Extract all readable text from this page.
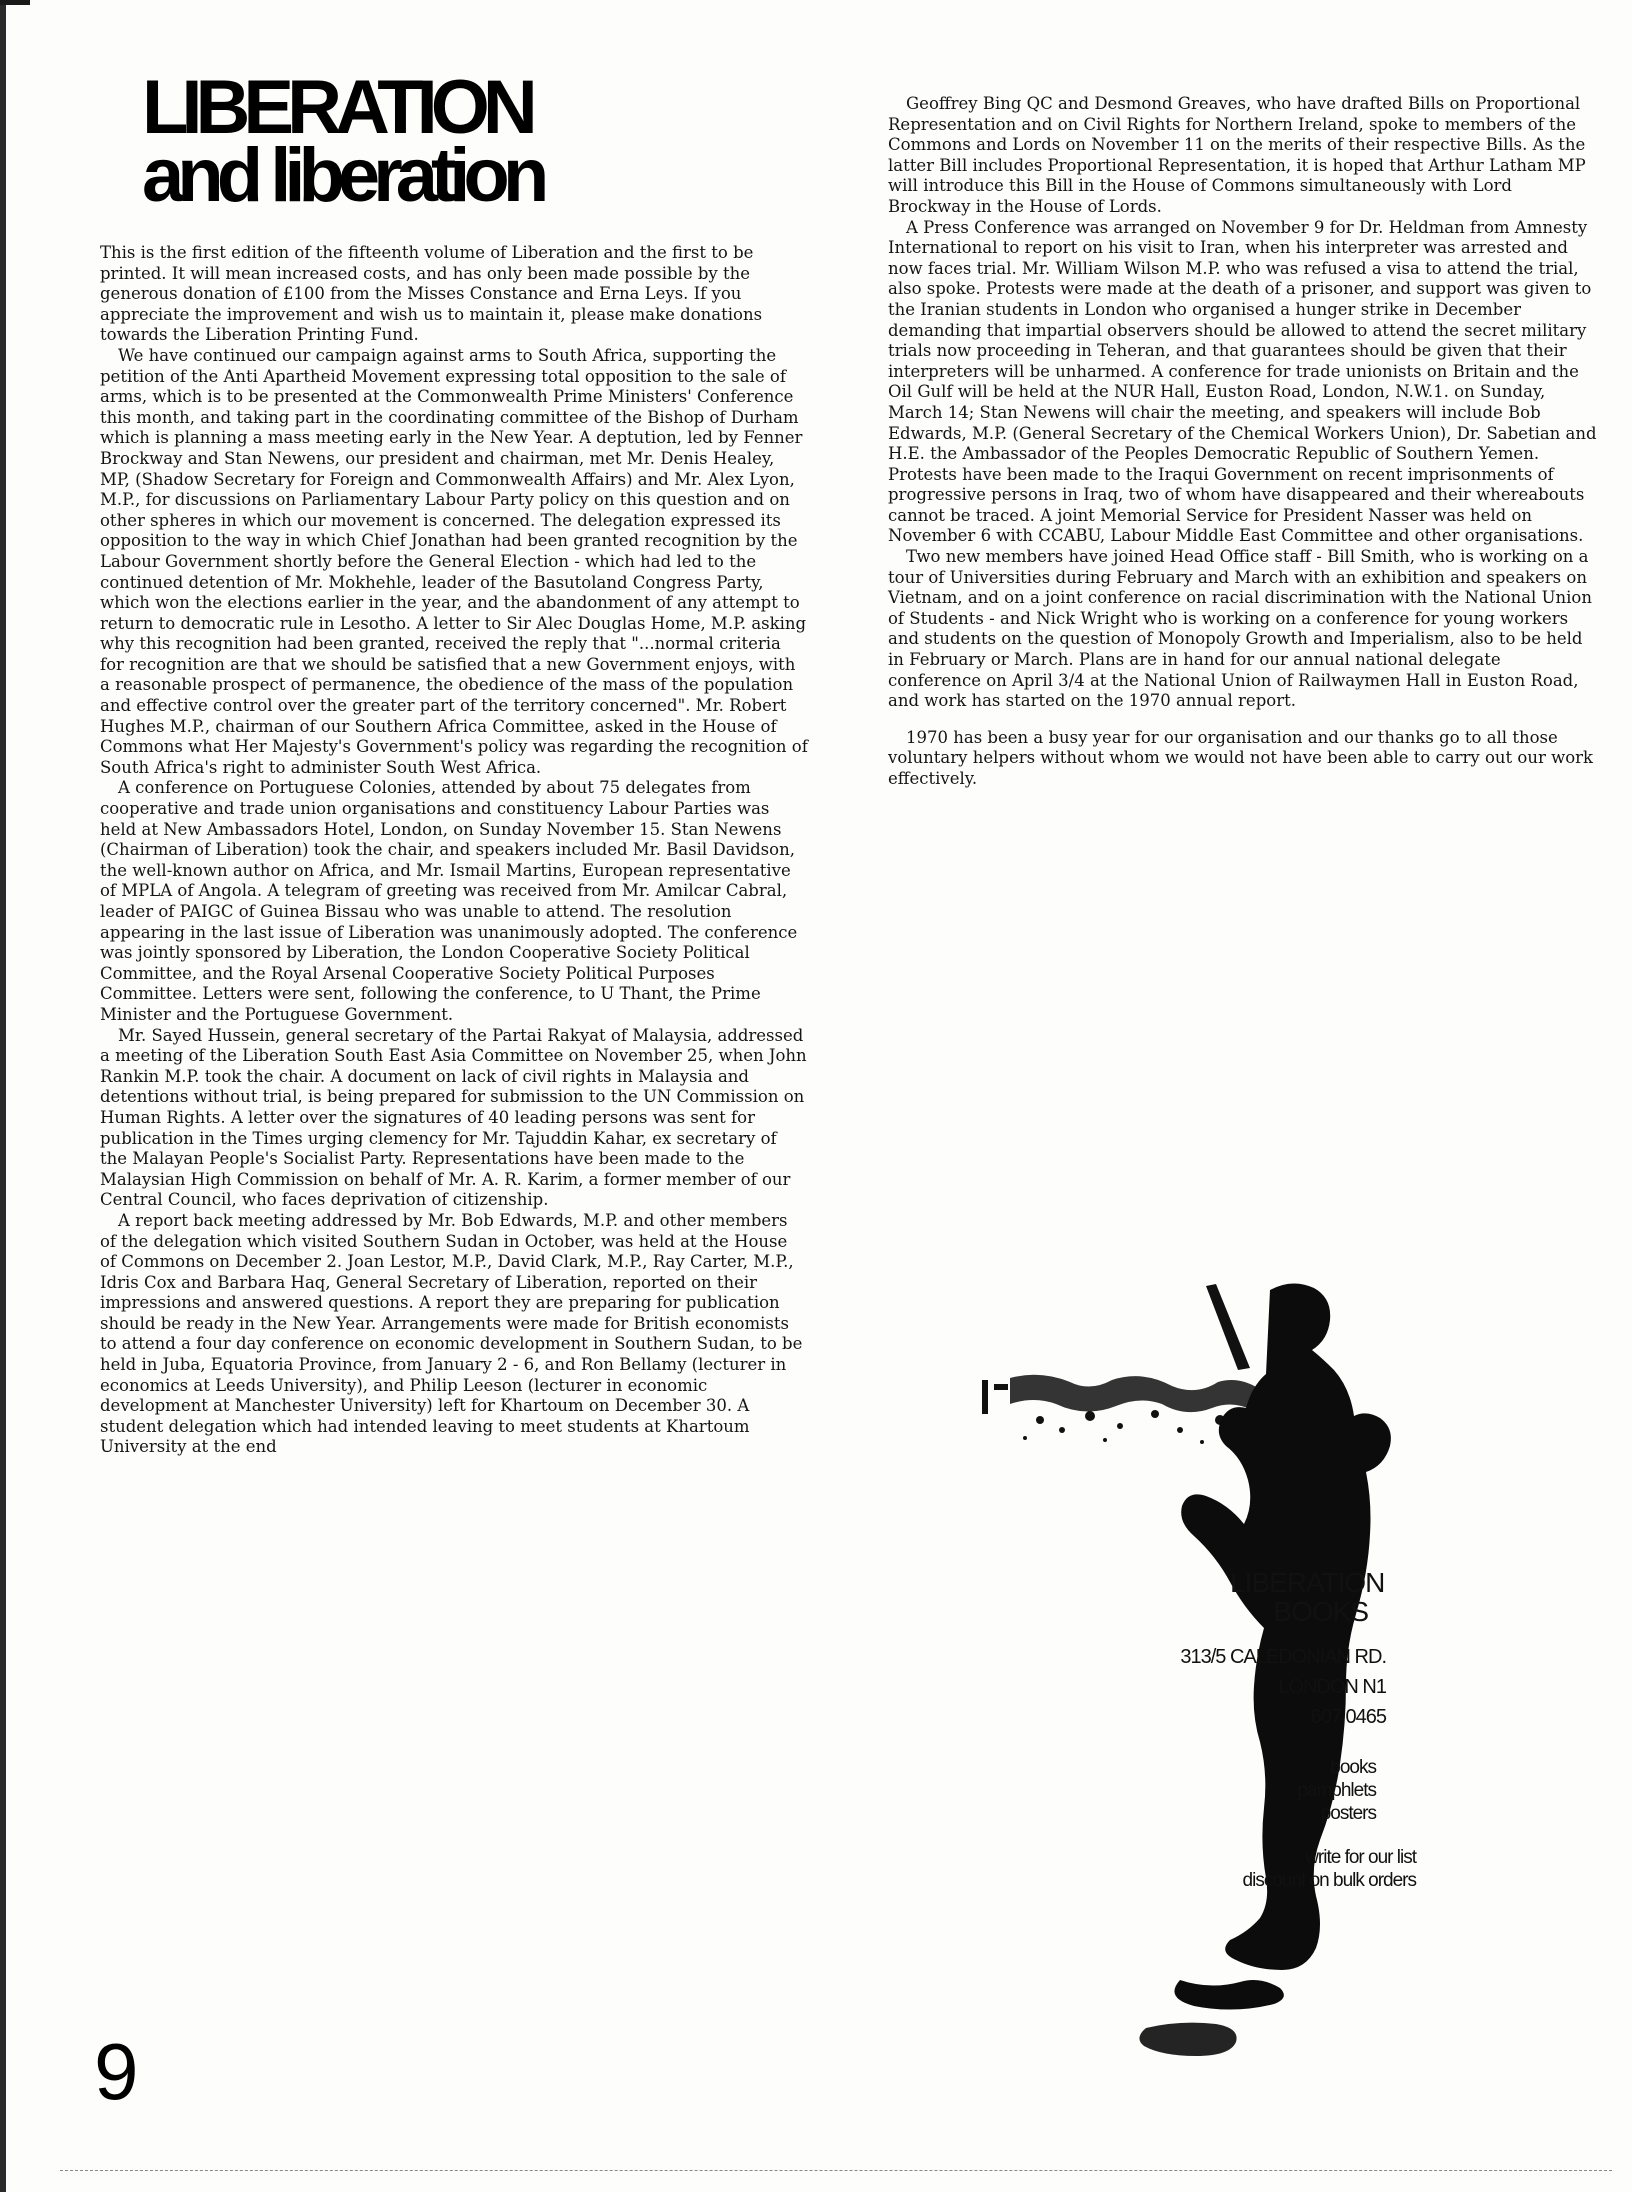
LIBERATION
and liberation

This is the first edition of the fifteenth volume of Liberation and the first to be printed. It will mean increased costs, and has only been made possible by the generous donation of £100 from the Misses Constance and Erna Leys. If you appreciate the improvement and wish us to maintain it, please make donations towards the Liberation Printing Fund.

We have continued our campaign against arms to South Africa, supporting the petition of the Anti Apartheid Movement expressing total opposition to the sale of arms, which is to be presented at the Commonwealth Prime Ministers' Conference this month, and taking part in the coordinating committee of the Bishop of Durham which is planning a mass meeting early in the New Year. A deptution, led by Fenner Brockway and Stan Newens, our president and chairman, met Mr. Denis Healey, MP, (Shadow Secretary for Foreign and Commonwealth Affairs) and Mr. Alex Lyon, M.P., for discussions on Parliamentary Labour Party policy on this question and on other spheres in which our movement is concerned. The delegation expressed its opposition to the way in which Chief Jonathan had been granted recognition by the Labour Government shortly before the General Election - which had led to the continued detention of Mr. Mokhehle, leader of the Basutoland Congress Party, which won the elections earlier in the year, and the abandonment of any attempt to return to democratic rule in Lesotho. A letter to Sir Alec Douglas Home, M.P. asking why this recognition had been granted, received the reply that "...normal criteria for recognition are that we should be satisfied that a new Government enjoys, with a reasonable prospect of permanence, the obedience of the mass of the population and effective control over the greater part of the territory concerned". Mr. Robert Hughes M.P., chairman of our Southern Africa Committee, asked in the House of Commons what Her Majesty's Government's policy was regarding the recognition of South Africa's right to administer South West Africa.

A conference on Portuguese Colonies, attended by about 75 delegates from cooperative and trade union organisations and constituency Labour Parties was held at New Ambassadors Hotel, London, on Sunday November 15. Stan Newens (Chairman of Liberation) took the chair, and speakers included Mr. Basil Davidson, the well-known author on Africa, and Mr. Ismail Martins, European representative of MPLA of Angola. A telegram of greeting was received from Mr. Amilcar Cabral, leader of PAIGC of Guinea Bissau who was unable to attend. The resolution appearing in the last issue of Liberation was unanimously adopted. The conference was jointly sponsored by Liberation, the London Cooperative Society Political Committee, and the Royal Arsenal Cooperative Society Political Purposes Committee. Letters were sent, following the conference, to U Thant, the Prime Minister and the Portuguese Government.

Mr. Sayed Hussein, general secretary of the Partai Rakyat of Malaysia, addressed a meeting of the Liberation South East Asia Committee on November 25, when John Rankin M.P. took the chair. A document on lack of civil rights in Malaysia and detentions without trial, is being prepared for submission to the UN Commission on Human Rights. A letter over the signatures of 40 leading persons was sent for publication in the Times urging clemency for Mr. Tajuddin Kahar, ex secretary of the Malayan People's Socialist Party. Representations have been made to the Malaysian High Commission on behalf of Mr. A. R. Karim, a former member of our Central Council, who faces deprivation of citizenship.

A report back meeting addressed by Mr. Bob Edwards, M.P. and other members of the delegation which visited Southern Sudan in October, was held at the House of Commons on December 2. Joan Lestor, M.P., David Clark, M.P., Ray Carter, M.P., Idris Cox and Barbara Haq, General Secretary of Liberation, reported on their impressions and answered questions. A report they are preparing for publication should be ready in the New Year. Arrangements were made for British economists to attend a four day conference on economic development in Southern Sudan, to be held in Juba, Equatoria Province, from January 2 - 6, and Ron Bellamy (lecturer in economics at Leeds University), and Philip Leeson (lecturer in economic development at Manchester University) left for Khartoum on December 30. A student delegation which had intended leaving to meet students at Khartoum University at the end

Geoffrey Bing QC and Desmond Greaves, who have drafted Bills on Proportional Representation and on Civil Rights for Northern Ireland, spoke to members of the Commons and Lords on November 11 on the merits of their respective Bills. As the latter Bill includes Proportional Representation, it is hoped that Arthur Latham MP will introduce this Bill in the House of Commons simultaneously with Lord Brockway in the House of Lords.

A Press Conference was arranged on November 9 for Dr. Heldman from Amnesty International to report on his visit to Iran, when his interpreter was arrested and now faces trial. Mr. William Wilson M.P. who was refused a visa to attend the trial, also spoke. Protests were made at the death of a prisoner, and support was given to the Iranian students in London who organised a hunger strike in December demanding that impartial observers should be allowed to attend the secret military trials now proceeding in Teheran, and that guarantees should be given that their interpreters will be unharmed. A conference for trade unionists on Britain and the Oil Gulf will be held at the NUR Hall, Euston Road, London, N.W.1. on Sunday, March 14; Stan Newens will chair the meeting, and speakers will include Bob Edwards, M.P. (General Secretary of the Chemical Workers Union), Dr. Sabetian and H.E. the Ambassador of the Peoples Democratic Republic of Southern Yemen. Protests have been made to the Iraqui Government on recent imprisonments of progressive persons in Iraq, two of whom have disappeared and their whereabouts cannot be traced. A joint Memorial Service for President Nasser was held on November 6 with CCABU, Labour Middle East Committee and other organisations.

Two new members have joined Head Office staff - Bill Smith, who is working on a tour of Universities during February and March with an exhibition and speakers on Vietnam, and on a joint conference on racial discrimination with the National Union of Students - and Nick Wright who is working on a conference for young workers and students on the question of Monopoly Growth and Imperialism, also to be held in February or March. Plans are in hand for our annual national delegate conference on April 3/4 at the National Union of Railwaymen Hall in Euston Road, and work has started on the 1970 annual report.

1970 has been a busy year for our organisation and our thanks go to all those voluntary helpers without whom we would not have been able to carry out our work effectively.

LIBERATION
BOOKS
313/5 CALEDONIAN RD.
LONDON N1
607 0465
books
pamphlets
posters
write for our list
discount on bulk orders
9
